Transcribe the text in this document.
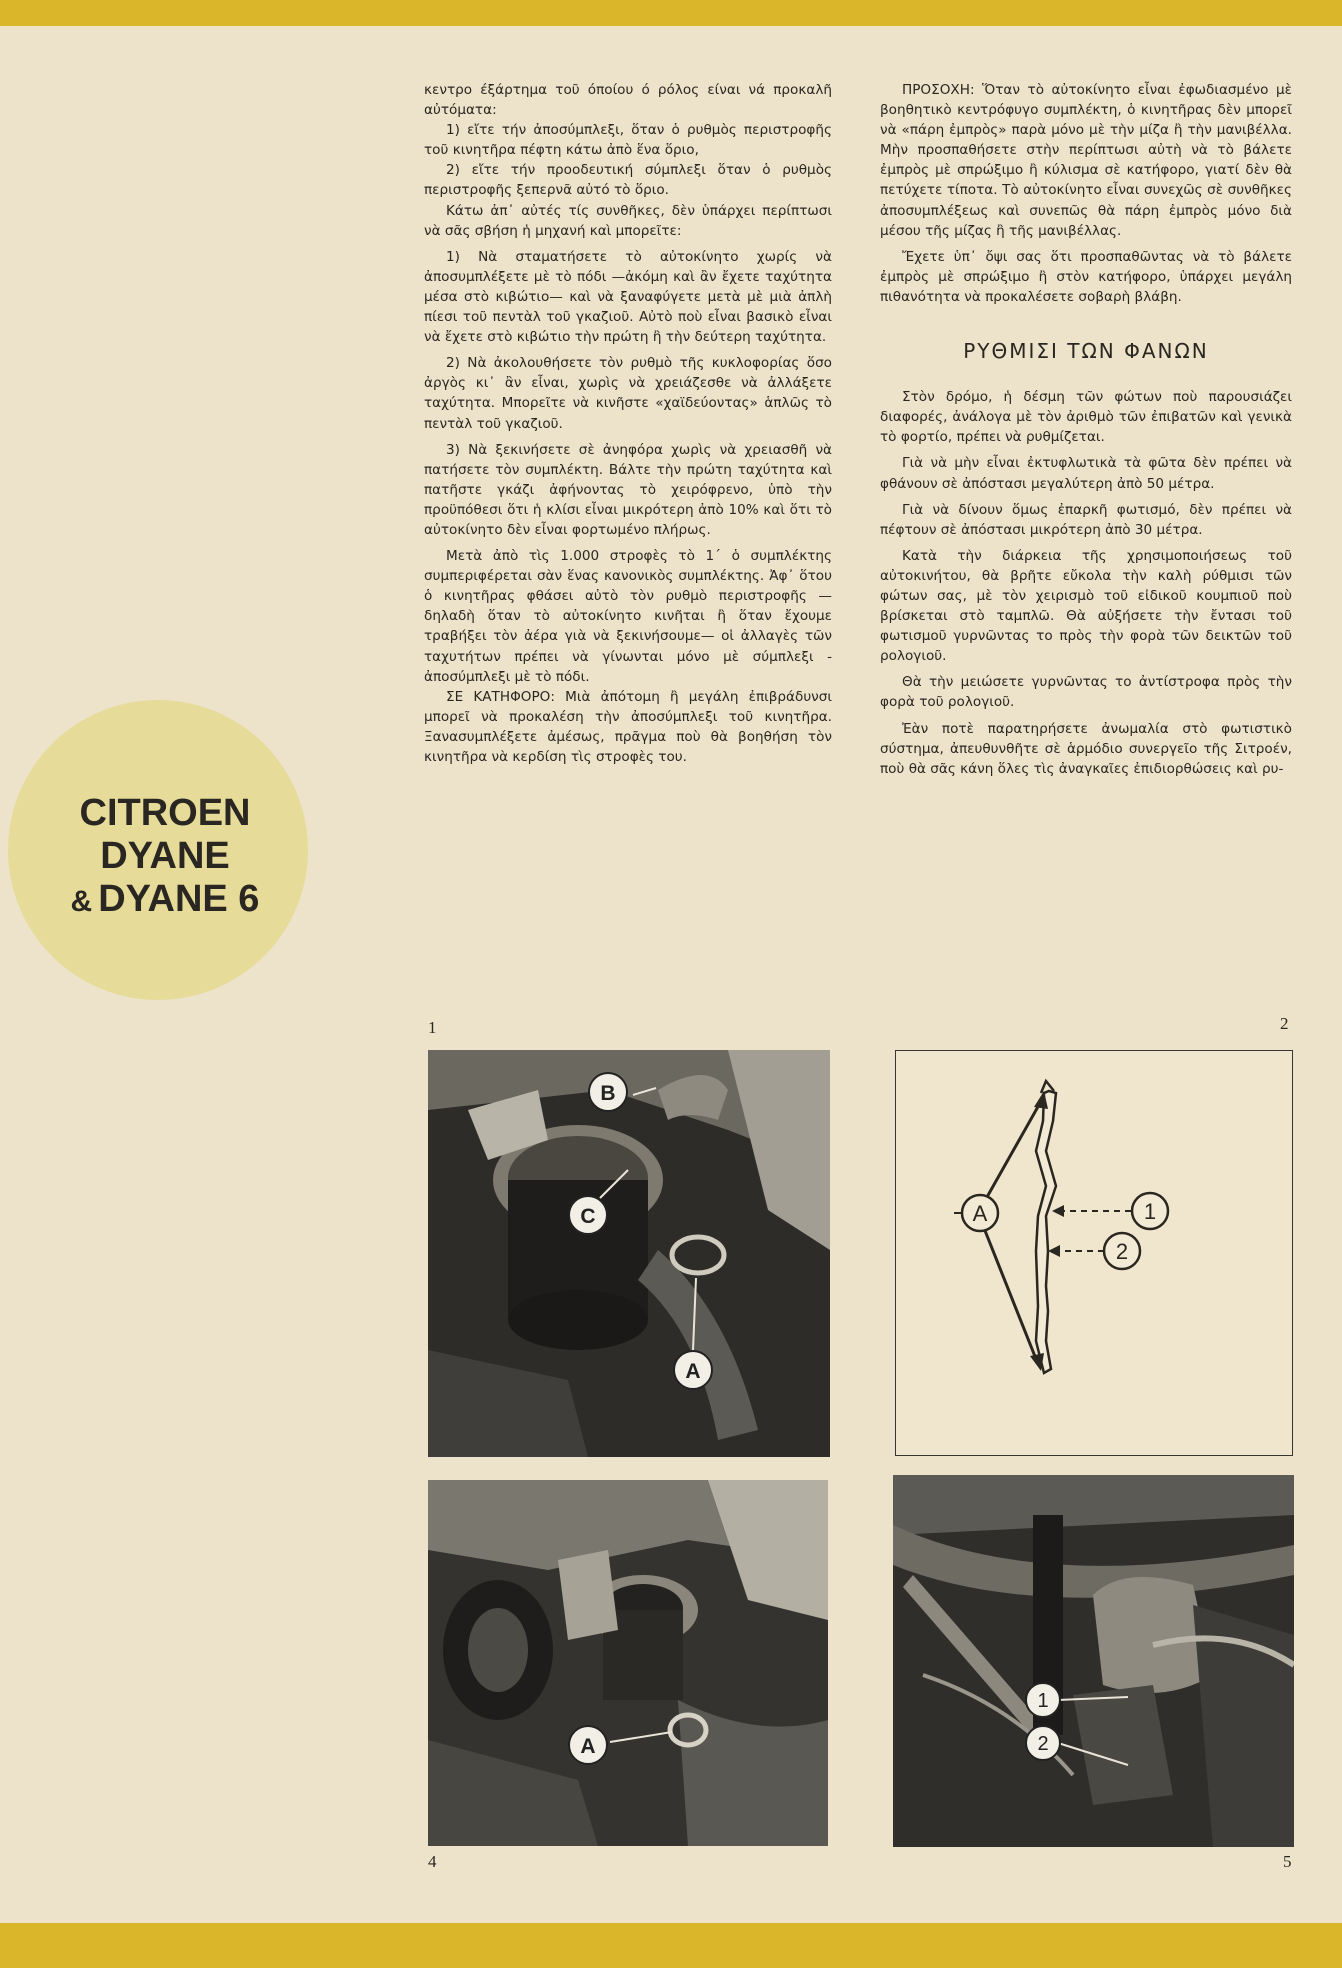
CITROEN

DYANE
& DYANE 6

κεντρο έξάρτημα τοῦ όποίου ό ρόλος είναι νά προκαλῆ αὐτόματα:

1) εἴτε τήν ἀποσύμπλεξι, ὅταν ὁ ρυθμὸς περιστροφῆς τοῦ κινητῆρα πέφτη κάτω ἀπὸ ἕνα ὅριο,

2) εἴτε τήν προοδευτική σύμπλεξι ὅταν ὁ ρυθμὸς περιστροφῆς ξεπερνᾶ αὐτό τὸ ὅριο.

Κάτω ἀπ᾽ αὐτές τίς συνθῆκες, δὲν ὑπάρχει περίπτωσι νὰ σᾶς σβήση ἡ μηχανή καὶ μπορεῖτε:

1) Νὰ σταματήσετε τὸ αὐτοκίνητο χωρίς νὰ ἀποσυμπλέξετε μὲ τὸ πόδι —ἀκόμη καὶ ἂν ἔχετε ταχύτητα μέσα στὸ κιβώτιο— καὶ νὰ ξαναφύγετε μετὰ μὲ μιὰ ἀπλὴ πίεσι τοῦ πεντὰλ τοῦ γκαζιοῦ. Αὐτὸ ποὺ εἶναι βασικὸ εἶναι νὰ ἔχετε στὸ κιβώτιο τὴν πρώτη ἢ τὴν δεύτερη ταχύτητα.

2) Νὰ ἀκολουθήσετε τὸν ρυθμὸ τῆς κυκλοφορίας ὅσο ἀργὸς κι᾽ ἂν εἶναι, χωρὶς νὰ χρειάζεσθε νὰ ἀλλάξετε ταχύτητα. Μπορεῖτε νὰ κινῆστε «χαϊδεύοντας» ἁπλῶς τὸ πεντὰλ τοῦ γκαζιοῦ.

3) Νὰ ξεκινήσετε σὲ ἀνηφόρα χωρὶς νὰ χρειασθῆ νὰ πατήσετε τὸν συμπλέκτη. Βάλτε τὴν πρώτη ταχύτητα καὶ πατῆστε γκάζι ἀφήνοντας τὸ χειρόφρενο, ὑπὸ τὴν προϋπόθεσι ὅτι ἡ κλίσι εἶναι μικρότερη ἀπὸ 10% καὶ ὅτι τὸ αὐτοκίνητο δὲν εἶναι φορτωμένο πλήρως.

Μετὰ ἀπὸ τὶς 1.000 στροφὲς τὸ 1΄ ὁ συμπλέκτης συμπεριφέρεται σὰν ἕνας κανονικὸς συμπλέκτης. Ἀφ᾽ ὅτου ὁ κινητῆρας φθάσει αὐτὸ τὸν ρυθμὸ περιστροφῆς —δηλαδὴ ὅταν τὸ αὐτοκίνητο κινῆται ἢ ὅταν ἔχουμε τραβήξει τὸν ἀέρα γιὰ νὰ ξεκινήσουμε— οἱ ἀλλαγὲς τῶν ταχυτήτων πρέπει νὰ γίνωνται μόνο μὲ σύμπλεξι - ἀποσύμπλεξι μὲ τὸ πόδι.

ΣΕ ΚΑΤΗΦΟΡΟ: Μιὰ ἀπότομη ἢ μεγάλη ἐπιβράδυνσι μπορεῖ νὰ προκαλέση τὴν ἀποσύμπλεξι τοῦ κινητῆρα. Ξανασυμπλέξετε ἀμέσως, πρᾶγμα ποὺ θὰ βοηθήση τὸν κινητῆρα νὰ κερδίση τὶς στροφὲς του.

ΠΡΟΣΟΧΗ: Ὅταν τὸ αὐτοκίνητο εἶναι ἐφωδιασμένο μὲ βοηθητικὸ κεντρόφυγο συμπλέκτη, ὁ κινητῆρας δὲν μπορεῖ νὰ «πάρη ἐμπρὸς» παρὰ μόνο μὲ τὴν μίζα ἢ τὴν μανιβέλλα. Μὴν προσπαθήσετε στὴν περίπτωσι αὐτὴ νὰ τὸ βάλετε ἐμπρὸς μὲ σπρώξιμο ἢ κύλισμα σὲ κατήφορο, γιατί δὲν θὰ πετύχετε τίποτα. Τὸ αὐτοκίνητο εἶναι συνεχῶς σὲ συνθῆκες ἀποσυμπλέξεως καὶ συνεπῶς θὰ πάρη ἐμπρὸς μόνο διὰ μέσου τῆς μίζας ἢ τῆς μανιβέλλας.

Ἔχετε ὑπ᾽ ὄψι σας ὅτι προσπαθῶντας νὰ τὸ βάλετε ἐμπρὸς μὲ σπρώξιμο ἢ στὸν κατήφορο, ὑπάρχει μεγάλη πιθανότητα νὰ προκαλέσετε σοβαρὴ βλάβη.

ΡΥΘΜΙΣΙ ΤΩΝ ΦΑΝΩΝ

Στὸν δρόμο, ἡ δέσμη τῶν φώτων ποὺ παρουσιάζει διαφορές, ἀνάλογα μὲ τὸν ἀριθμὸ τῶν ἐπιβατῶν καὶ γενικὰ τὸ φορτίο, πρέπει νὰ ρυθμίζεται.

Γιὰ νὰ μὴν εἶναι ἐκτυφλωτικὰ τὰ φῶτα δὲν πρέπει νὰ φθάνουν σὲ ἀπόστασι μεγαλύτερη ἀπὸ 50 μέτρα.

Γιὰ νὰ δίνουν ὅμως ἐπαρκῆ φωτισμό, δὲν πρέπει νὰ πέφτουν σὲ ἀπόστασι μικρότερη ἀπὸ 30 μέτρα.

Κατὰ τὴν διάρκεια τῆς χρησιμοποιήσεως τοῦ αὐτοκινήτου, θὰ βρῆτε εὔκολα τὴν καλὴ ρύθμισι τῶν φώτων σας, μὲ τὸν χειρισμὸ τοῦ εἰδικοῦ κουμπιοῦ ποὺ βρίσκεται στὸ ταμπλῶ. Θὰ αὐξήσετε τὴν ἔντασι τοῦ φωτισμοῦ γυρνῶντας το πρὸς τὴν φορὰ τῶν δεικτῶν τοῦ ρολογιοῦ.

Θὰ τὴν μειώσετε γυρνῶντας το ἀντίστροφα πρὸς τὴν φορὰ τοῦ ρολογιοῦ.

Ἐὰν ποτὲ παρατηρήσετε ἀνωμαλία στὸ φωτιστικὸ σύστημα, ἀπευθυνθῆτε σὲ ἁρμόδιο συνεργεῖο τῆς Σιτροέν, ποὺ θὰ σᾶς κάνη ὅλες τὶς ἀναγκαῖες ἐπιδιορθώσεις καὶ ρυ-

1	2
4	5
B
C
A
A	1
2
A
1
2
